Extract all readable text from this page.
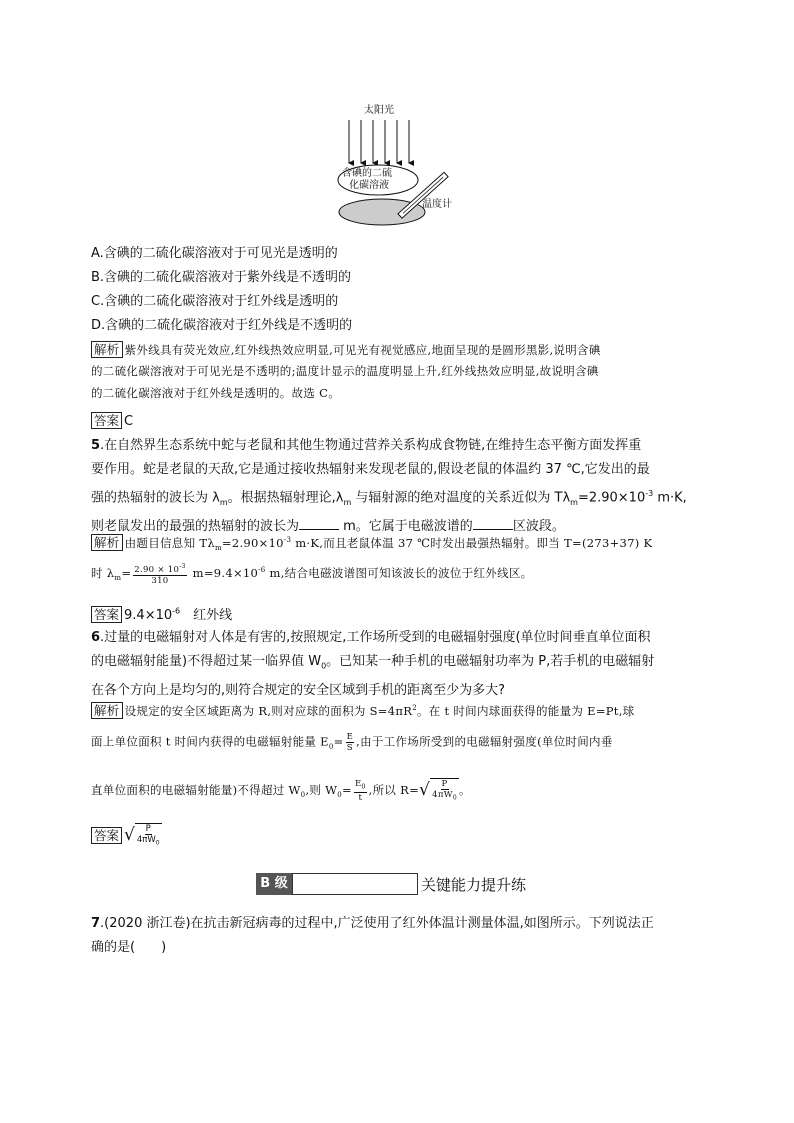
太阳光
含碘的二硫
化碳溶液
温度计
A.含碘的二硫化碳溶液对于可见光是透明的
B.含碘的二硫化碳溶液对于紫外线是不透明的
C.含碘的二硫化碳溶液对于红外线是透明的
D.含碘的二硫化碳溶液对于红外线是不透明的
解析 紫外线具有荧光效应,红外线热效应明显,可见光有视觉感应,地面呈现的是圆形黑影,说明含碘
的二硫化碳溶液对于可见光是不透明的;温度计显示的温度明显上升,红外线热效应明显,故说明含碘
的二硫化碳溶液对于红外线是透明的。故选 C。
答案 C
5.在自然界生态系统中蛇与老鼠和其他生物通过营养关系构成食物链,在维持生态平衡方面发挥重
要作用。蛇是老鼠的天敌,它是通过接收热辐射来发现老鼠的,假设老鼠的体温约 37 ℃,它发出的最
强的热辐射的波长为 $\lambda_m$。根据热辐射理论$,\lambda_m$ 与辐射源的绝对温度的关系近似为 $T\lambda_m=2.90\times 10^{-3}$ m·K,
则老鼠发出的最强的热辐射的波长为	m。它属于电磁波谱的	区波段。
解析 由题目信息知 $T\lambda_m=2.90\times 10^{-3}$ m·K,而且老鼠体温 37 ℃时发出最强热辐射。即当 T=(273+37) K
时 $\lambda_m= \frac{2.90 \times 10^{-3}}{310} m=9.4\times 10^{-6}$ m,结合电磁波谱图可知该波长的波位于红外线区。
答案 $9.4\times 10^{-6}$　红外线
6.过量的电磁辐射对人体是有害的,按照规定,工作场所受到的电磁辐射强度(单位时间垂直单位面积
的电磁辐射能量)不得超过某一临界值 $W_0$。已知某一种手机的电磁辐射功率为 P,若手机的电磁辐射
在各个方向上是均匀的,则符合规定的安全区域到手机的距离至少为多大?
解析 设规定的安全区域距离为 R,则对应球的面积为 $S=4\pi R^2$。在 t 时间内球面获得的能量为 E=Pt,球
面上单位面积 t 时间内获得的电磁辐射能量 $E_0= \frac{E}{S}$ ,由于工作场所受到的电磁辐射强度(单位时间内垂
直单位面积的电磁辐射能量)不得超过 $W_0$,则 $W_0= \frac{E_0}{t}$ ,所以 R= √ $\frac{P}{4\pi W_0}$ 。
答案 √ $\frac{P}{4\pi W_0}$
B 级	关键能力提升练
7.(2020 浙江卷)在抗击新冠病毒的过程中,广泛使用了红外体温计测量体温,如图所示。下列说法正
确的是(　　)
